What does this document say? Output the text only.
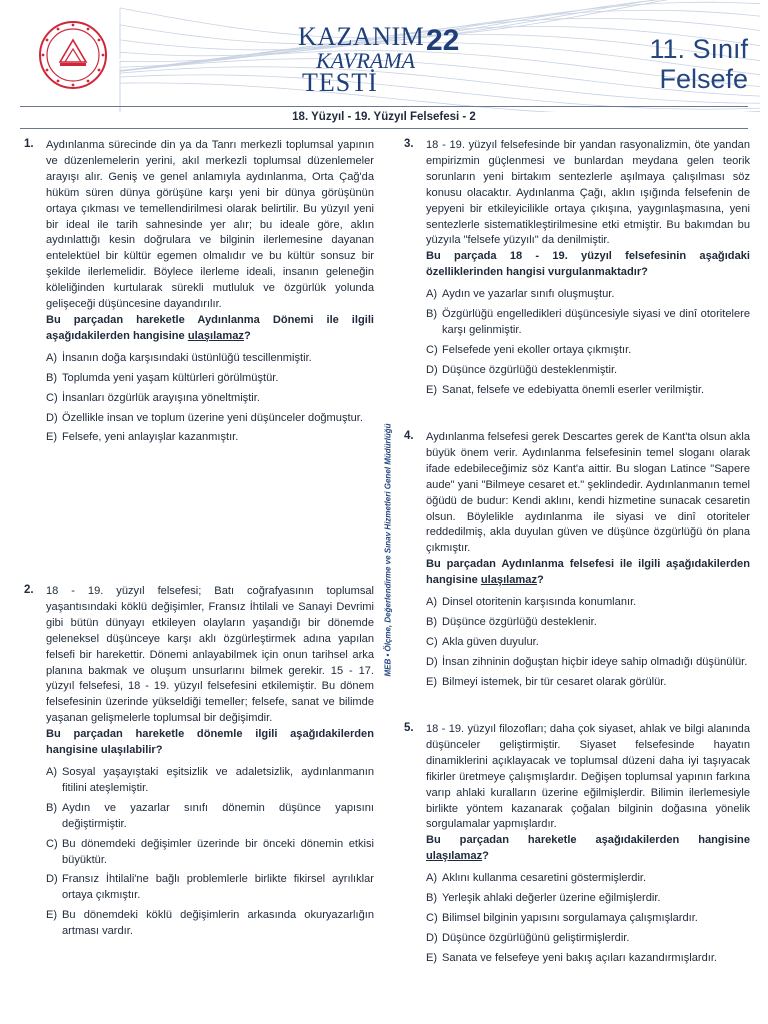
KAZANIM
KAVRAMA
TESTİ
22	11. Sınıf
Felsefe
18. Yüzyıl - 19. Yüzyıl Felsefesi - 2
1. Aydınlanma sürecinde din ya da Tanrı merkezli toplumsal yapının ve düzenlemelerin yerini, akıl merkezli toplumsal düzenlemeler arayışı alır. Geniş ve genel anlamıyla aydınlanma, Orta Çağ'da hüküm süren dünya görüşüne karşı yeni bir dünya görüşünün ortaya çıkması ve temellendirilmesi olarak belirtilir. Bu yüzyıl yeni bir ideal ile tarih sahnesinde yer alır; bu ideale göre, aklın aydınlattığı kesin doğrulara ve bilginin ilerlemesine dayanan entelektüel bir kültür egemen olmalıdır ve bu kültür sonsuz bir şekilde ilerlemelidir. Böylece ilerleme ideali, insanın geleneğin köleliğinden kurtularak sürekli mutluluk ve özgürlük yolunda gelişeceği düşüncesine dayandırılır.

Bu parçadan hareketle Aydınlanma Dönemi ile ilgili aşağıdakilerden hangisine ulaşılamaz?

A) İnsanın doğa karşısındaki üstünlüğü tescillenmiştir.
B) Toplumda yeni yaşam kültürleri görülmüştür.
C) İnsanları özgürlük arayışına yöneltmiştir.
D) Özellikle insan ve toplum üzerine yeni düşünceler doğmuştur.
E) Felsefe, yeni anlayışlar kazanmıştır.
2. 18 - 19. yüzyıl felsefesi; Batı coğrafyasının toplumsal yaşantısındaki köklü değişimler, Fransız İhtilali ve Sanayi Devrimi gibi bütün dünyayı etkileyen olayların yaşandığı bir dönemde geleneksel düşünceye karşı aklı özgürleştirmek adına yapılan felsefi bir harekettir. Dönemi anlayabilmek için onun tarihsel arka planına bakmak ve oluşum unsurlarını bilmek gerekir. 15 - 17. yüzyıl felsefesi, 18 - 19. yüzyıl felsefesini etkilemiştir. Bu dönem felsefesinin üzerinde yükseldiği temeller; felsefe, sanat ve bilimde yaşanan gelişmelerle toplumsal bir değişimdir.

Bu parçadan hareketle dönemle ilgili aşağıdakilerden hangisine ulaşılabilir?

A) Sosyal yaşayıştaki eşitsizlik ve adaletsizlik, aydınlanmanın fitilini ateşlemiştir.
B) Aydın ve yazarlar sınıfı dönemin düşünce yapısını değiştirmiştir.
C) Bu dönemdeki değişimler üzerinde bir önceki dönemin etkisi büyüktür.
D) Fransız İhtilali'ne bağlı problemlerle birlikte fikirsel ayrılıklar ortaya çıkmıştır.
E) Bu dönemdeki köklü değişimlerin arkasında okuryazarlığın artması vardır.
MEB • Ölçme, Değerlendirme ve Sınav Hizmetleri Genel Müdürlüğü
3. 18 - 19. yüzyıl felsefesinde bir yandan rasyonalizmin, öte yandan empirizmin güçlenmesi ve bunlardan meydana gelen teorik sorunların yeni birtakım sentezlerle aşılmaya çalışılması söz konusu olacaktır. Aydınlanma Çağı, aklın ışığında felsefenin de yepyeni bir etkileyicilikle ortaya çıkışına, yaygınlaşmasına, yeni sentezlerle sistematikleştirilmesine etki etmiştir. Bu bakımdan bu yüzyıla "felsefe yüzyılı" da denilmiştir.

Bu parçada 18 - 19. yüzyıl felsefesinin aşağıdaki özelliklerinden hangisi vurgulanmaktadır?

A) Aydın ve yazarlar sınıfı oluşmuştur.
B) Özgürlüğü engelledikleri düşüncesiyle siyasi ve dinî otoritelere karşı gelinmiştir.
C) Felsefede yeni ekoller ortaya çıkmıştır.
D) Düşünce özgürlüğü desteklenmiştir.
E) Sanat, felsefe ve edebiyatta önemli eserler verilmiştir.
4. Aydınlanma felsefesi gerek Descartes gerek de Kant'ta olsun akla büyük önem verir. Aydınlanma felsefesinin temel sloganı olarak ifade edebileceğimiz söz Kant'a aittir. Bu slogan Latince "Sapere aude" yani "Bilmeye cesaret et." şeklindedir. Aydınlanmanın temel öğüdü de budur: Kendi aklını, kendi hizmetine sunacak cesaretin olsun. Böylelikle aydınlanma ile siyasi ve dinî otoriteler reddedilmiş, akla duyulan güven ve düşünce özgürlüğü ön plana çıkmıştır.

Bu parçadan Aydınlanma felsefesi ile ilgili aşağıdakilerden hangisine ulaşılamaz?

A) Dinsel otoritenin karşısında konumlanır.
B) Düşünce özgürlüğü desteklenir.
C) Akla güven duyulur.
D) İnsan zihninin doğuştan hiçbir ideye sahip olmadığı düşünülür.
E) Bilmeyi istemek, bir tür cesaret olarak görülür.
5. 18 - 19. yüzyıl filozofları; daha çok siyaset, ahlak ve bilgi alanında düşünceler geliştirmiştir. Siyaset felsefesinde hayatın dinamiklerini açıklayacak ve toplumsal düzeni daha iyi taşıyacak fikirler üretmeye çalışmışlardır. Değişen toplumsal yapının farkına varıp ahlaki kuralların üzerine eğilmişlerdir. Bilimin ilerlemesiyle birlikte yöntem kazanarak çoğalan bilginin doğasına yönelik sorgulamalar yapmışlardır.

Bu parçadan hareketle aşağıdakilerden hangisine ulaşılamaz?

A) Aklını kullanma cesaretini göstermişlerdir.
B) Yerleşik ahlaki değerler üzerine eğilmişlerdir.
C) Bilimsel bilginin yapısını sorgulamaya çalışmışlardır.
D) Düşünce özgürlüğünü geliştirmişlerdir.
E) Sanata ve felsefeye yeni bakış açıları kazandırmışlardır.
